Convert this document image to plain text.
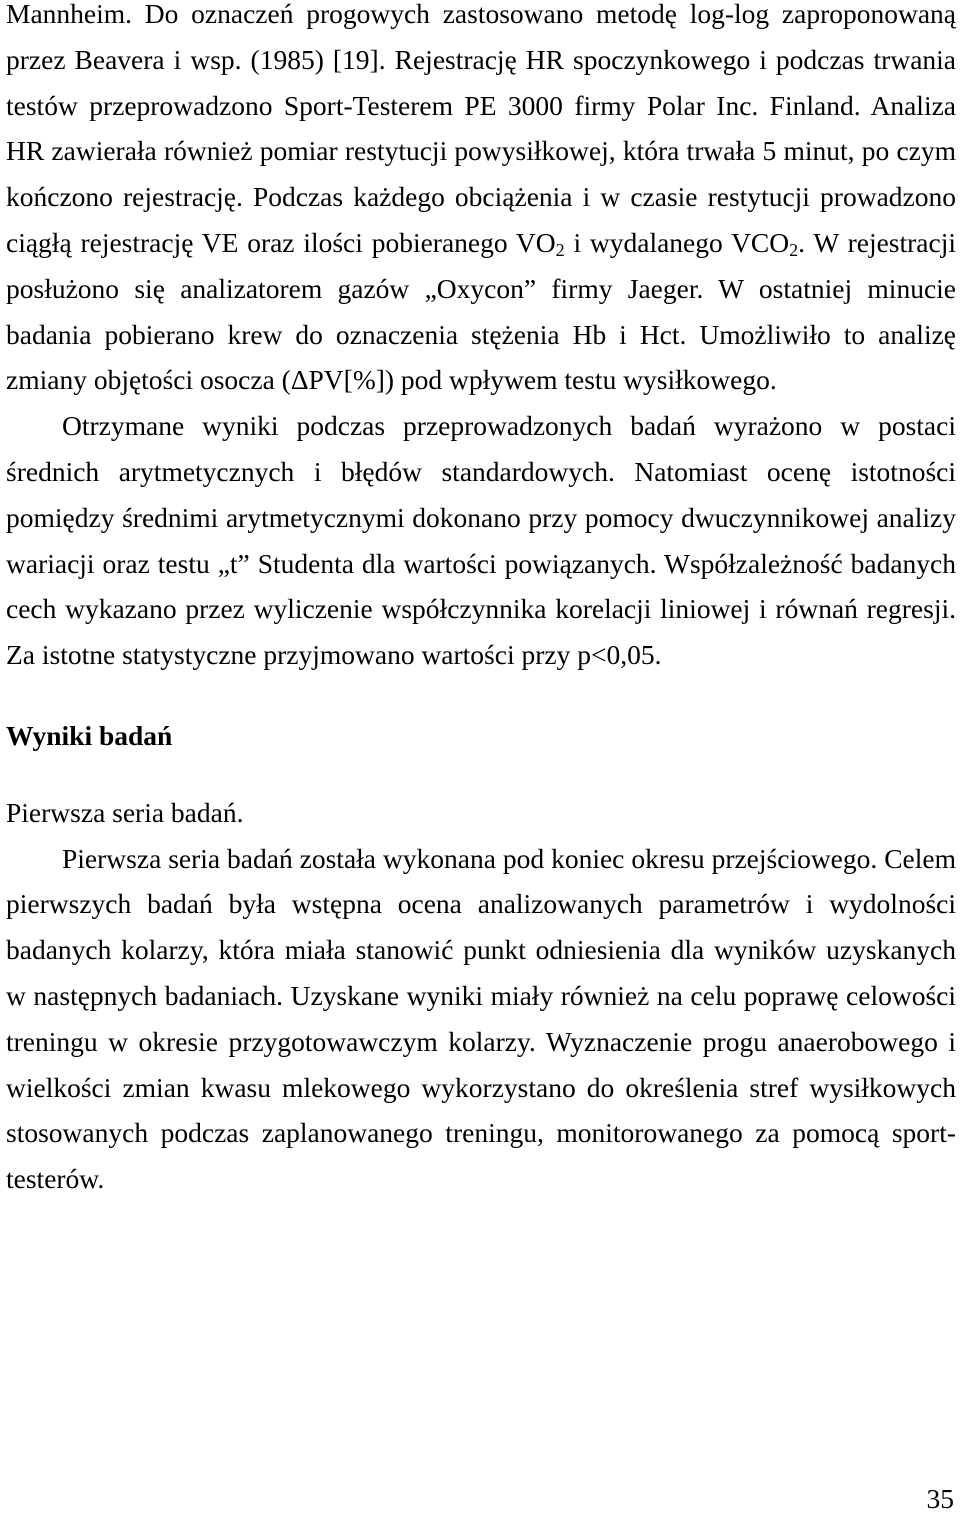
Mannheim. Do oznaczeń progowych zastosowano metodę log-log zaproponowaną przez Beavera i wsp. (1985) [19]. Rejestrację HR spoczynkowego i podczas trwania testów przeprowadzono Sport-Testerem PE 3000 firmy Polar Inc. Finland. Analiza HR zawierała również pomiar restytucji powysiłkowej, która trwała 5 minut, po czym kończono rejestrację. Podczas każdego obciążenia i w czasie restytucji prowadzono ciągłą rejestrację VE oraz ilości pobieranego $VO_2$ i wydalanego $VCO_2$. W rejestracji posłużono się analizatorem gazów „Oxycon” firmy Jaeger. W ostatniej minucie badania pobierano krew do oznaczenia stężenia Hb i Hct. Umożliwiło to analizę zmiany objętości osocza (ΔPV[%]) pod wpływem testu wysiłkowego.

Otrzymane wyniki podczas przeprowadzonych badań wyrażono w postaci średnich arytmetycznych i błędów standardowych. Natomiast ocenę istotności pomiędzy średnimi arytmetycznymi dokonano przy pomocy dwuczynnikowej analizy wariacji oraz testu „t” Studenta dla wartości powiązanych. Współzależność badanych cech wykazano przez wyliczenie współczynnika korelacji liniowej i równań regresji. Za istotne statystyczne przyjmowano wartości przy p<0,05.

Wyniki badań

Pierwsza seria badań.

Pierwsza seria badań została wykonana pod koniec okresu przejściowego. Celem pierwszych badań była wstępna ocena analizowanych parametrów i wydolności badanych kolarzy, która miała stanowić punkt odniesienia dla wyników uzyskanych w następnych badaniach. Uzyskane wyniki miały również na celu poprawę celowości treningu w okresie przygotowawczym kolarzy. Wyznaczenie progu anaerobowego i wielkości zmian kwasu mlekowego wykorzystano do określenia stref wysiłkowych stosowanych podczas zaplanowanego treningu, monitorowanego za pomocą sport-testerów.

35
